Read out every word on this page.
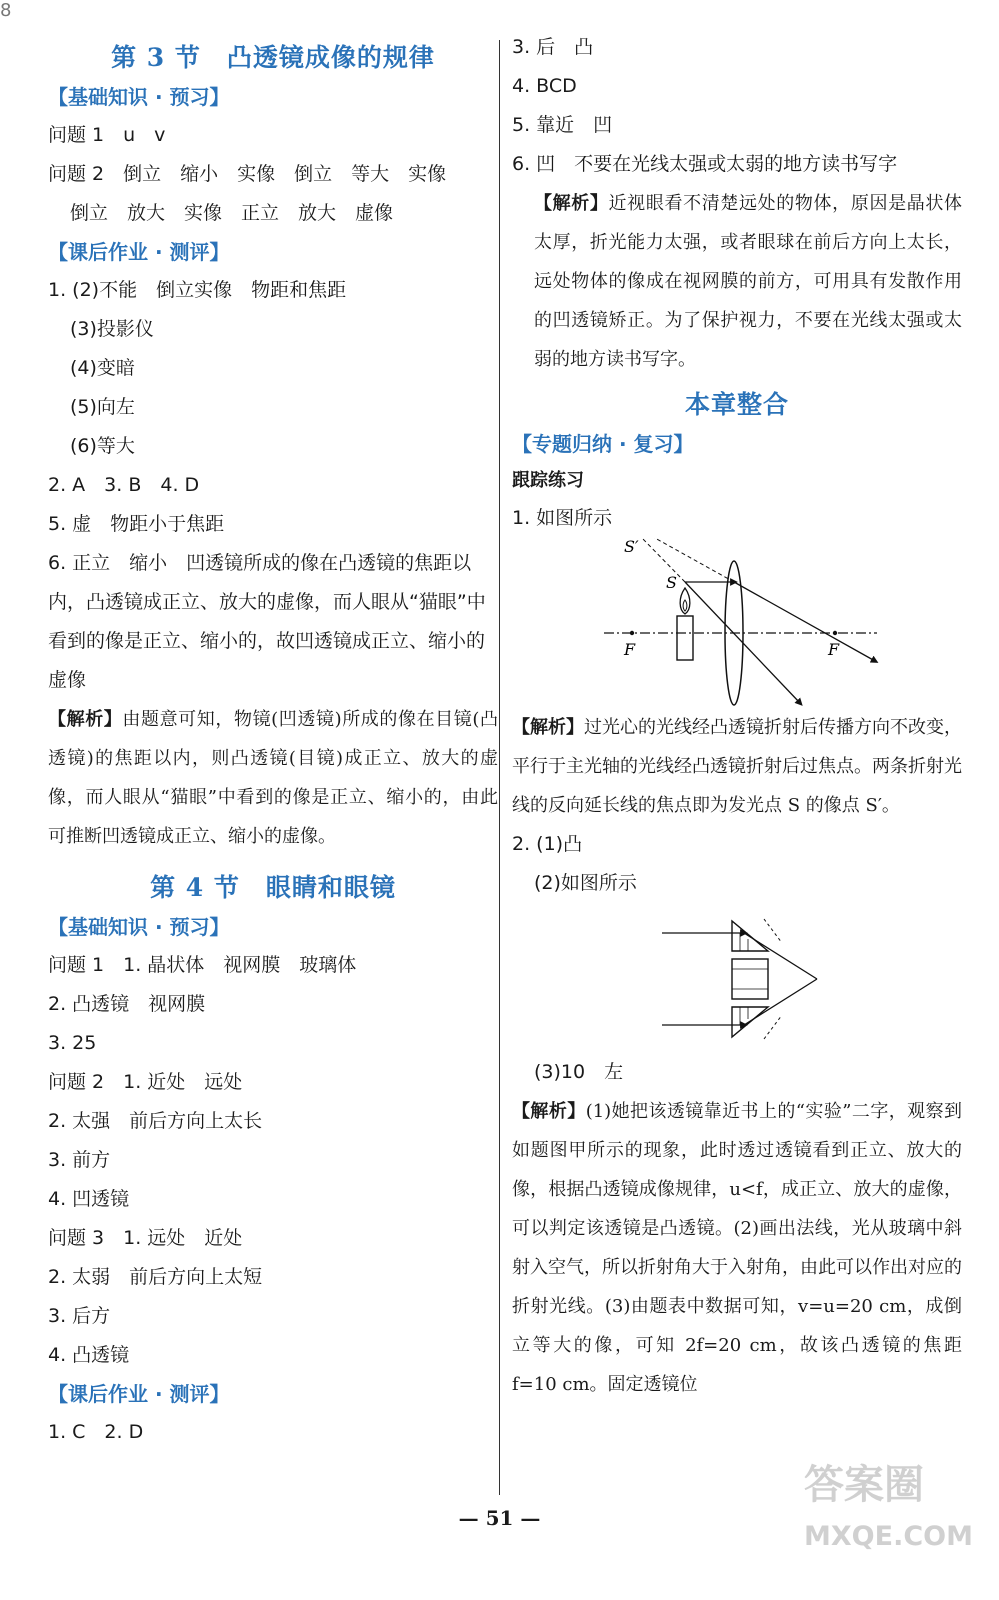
8
第 3 节　凸透镜成像的规律
【基础知识 · 预习】
问题 1　u　v
问题 2　倒立　缩小　实像　倒立　等大　实像
倒立　放大　实像　正立　放大　虚像
【课后作业 · 测评】
1. (2)不能　倒立实像　物距和焦距
(3)投影仪
(4)变暗
(5)向左
(6)等大
2. A　3. B　4. D
5. 虚　物距小于焦距
6. 正立　缩小　凹透镜所成的像在凸透镜的焦距以内，凸透镜成正立、放大的虚像，而人眼从“猫眼”中看到的像是正立、缩小的，故凹透镜成正立、缩小的虚像
【解析】由题意可知，物镜(凹透镜)所成的像在目镜(凸透镜)的焦距以内，则凸透镜(目镜)成正立、放大的虚像，而人眼从“猫眼”中看到的像是正立、缩小的，由此可推断凹透镜成正立、缩小的虚像。
第 4 节　眼睛和眼镜
【基础知识 · 预习】
问题 1　1. 晶状体　视网膜　玻璃体
2. 凸透镜　视网膜
3. 25
问题 2　1. 近处　远处
2. 太强　前后方向上太长
3. 前方
4. 凹透镜
问题 3　1. 远处　近处
2. 太弱　前后方向上太短
3. 后方
4. 凸透镜
【课后作业 · 测评】
1. C　2. D
3. 后　凸
4. BCD
5. 靠近　凹
6. 凹　不要在光线太强或太弱的地方读书写字
【解析】近视眼看不清楚远处的物体，原因是晶状体太厚，折光能力太强，或者眼球在前后方向上太长，远处物体的像成在视网膜的前方，可用具有发散作用的凹透镜矫正。为了保护视力，不要在光线太强或太弱的地方读书写字。
本章整合
【专题归纳 · 复习】
跟踪练习
1. 如图所示
S′
S
F	F
【解析】过光心的光线经凸透镜折射后传播方向不改变，平行于主光轴的光线经凸透镜折射后过焦点。两条折射光线的反向延长线的焦点即为发光点 S 的像点 S′。
2. (1)凸
(2)如图所示
(3)10　左
【解析】(1)她把该透镜靠近书上的“实验”二字，观察到如题图甲所示的现象，此时透过透镜看到正立、放大的像，根据凸透镜成像规律，u<f，成正立、放大的虚像，可以判定该透镜是凸透镜。(2)画出法线，光从玻璃中斜射入空气，所以折射角大于入射角，由此可以作出对应的折射光线。(3)由题表中数据可知，v=u=20 cm，成倒立等大的像，可知 2f=20 cm，故该凸透镜的焦距 f=10 cm。固定透镜位
— 51 —
答案圈
MXQE.COM
